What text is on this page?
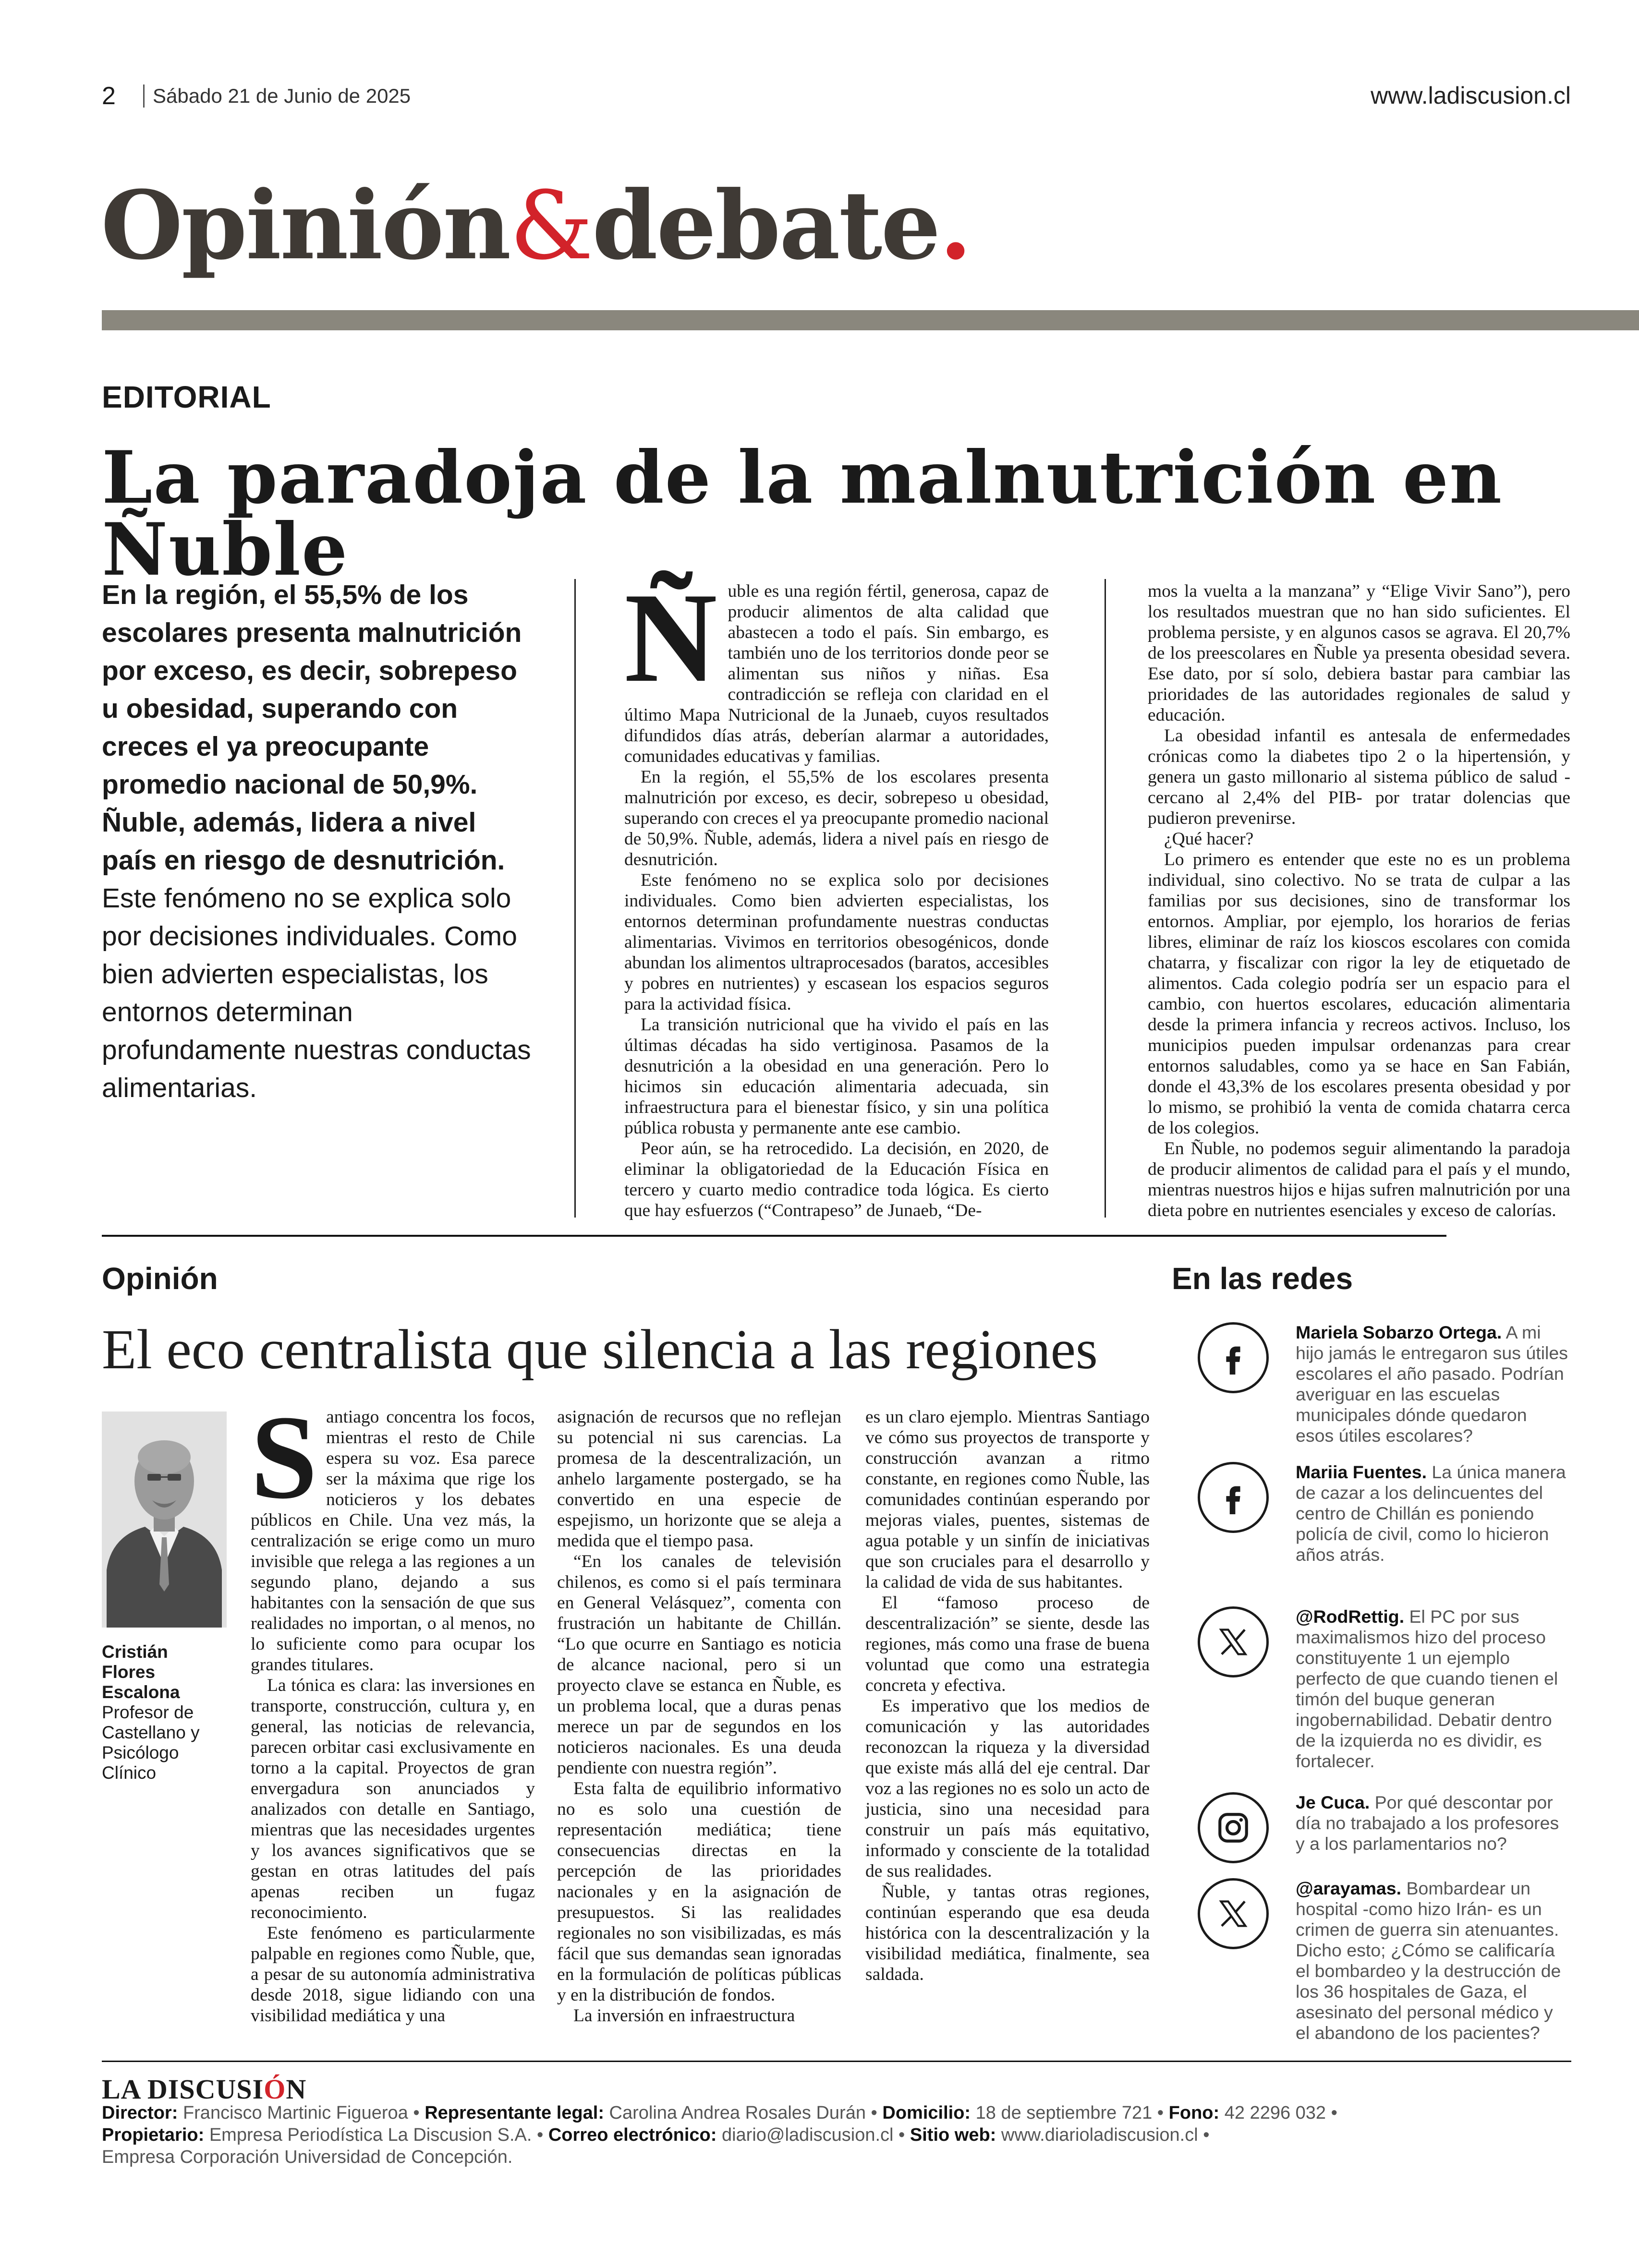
2 Sábado 21 de Junio de 2025	www.ladiscusion.cl
Opinión&debate.
EDITORIAL
La paradoja de la malnutrición en Ñuble
En la región, el 55,5% de los escolares presenta malnutrición por exceso, es decir, sobrepeso u obesidad, superando con creces el ya preocupante promedio nacional de 50,9%. Ñuble, además, lidera a nivel país en riesgo de desnutrición. Este fenómeno no se explica solo por decisiones individuales. Como bien advierten especialistas, los entornos determinan profundamente nuestras conductas alimentarias.

Ñuble es una región fértil, generosa, capaz de producir alimentos de alta calidad que abastecen a todo el país. Sin embargo, es también uno de los territorios donde peor se alimentan sus niños y niñas. Esa contradicción se refleja con claridad en el último Mapa Nutricional de la Junaeb, cuyos resultados difundidos días atrás, deberían alarmar a autoridades, comunidades educativas y familias.

En la región, el 55,5% de los escolares presenta malnutrición por exceso, es decir, sobrepeso u obesidad, superando con creces el ya preocupante promedio nacional de 50,9%. Ñuble, además, lidera a nivel país en riesgo de desnutrición.

Este fenómeno no se explica solo por decisiones individuales. Como bien advierten especialistas, los entornos determinan profundamente nuestras conductas alimentarias. Vivimos en territorios obesogénicos, donde abundan los alimentos ultraprocesados (baratos, accesibles y pobres en nutrientes) y escasean los espacios seguros para la actividad física.

La transición nutricional que ha vivido el país en las últimas décadas ha sido vertiginosa. Pasamos de la desnutrición a la obesidad en una generación. Pero lo hicimos sin educación alimentaria adecuada, sin infraestructura para el bienestar físico, y sin una política pública robusta y permanente ante ese cambio.

Peor aún, se ha retrocedido. La decisión, en 2020, de eliminar la obligatoriedad de la Educación Física en tercero y cuarto medio contradice toda lógica. Es cierto que hay esfuerzos (“Contrapeso” de Junaeb, “De-

mos la vuelta a la manzana” y “Elige Vivir Sano”), pero los resultados muestran que no han sido suficientes. El problema persiste, y en algunos casos se agrava. El 20,7% de los preescolares en Ñuble ya presenta obesidad severa. Ese dato, por sí solo, debiera bastar para cambiar las prioridades de las autoridades regionales de salud y educación.

La obesidad infantil es antesala de enfermedades crónicas como la diabetes tipo 2 o la hipertensión, y genera un gasto millonario al sistema público de salud -cercano al 2,4% del PIB- por tratar dolencias que pudieron prevenirse.

¿Qué hacer?

Lo primero es entender que este no es un problema individual, sino colectivo. No se trata de culpar a las familias por sus decisiones, sino de transformar los entornos. Ampliar, por ejemplo, los horarios de ferias libres, eliminar de raíz los kioscos escolares con comida chatarra, y fiscalizar con rigor la ley de etiquetado de alimentos. Cada colegio podría ser un espacio para el cambio, con huertos escolares, educación alimentaria desde la primera infancia y recreos activos. Incluso, los municipios pueden impulsar ordenanzas para crear entornos saludables, como ya se hace en San Fabián, donde el 43,3% de los escolares presenta obesidad y por lo mismo, se prohibió la venta de comida chatarra cerca de los colegios.

En Ñuble, no podemos seguir alimentando la paradoja de producir alimentos de calidad para el país y el mundo, mientras nuestros hijos e hijas sufren malnutrición por una dieta pobre en nutrientes esenciales y exceso de calorías.

Opinión
El eco centralista que silencia a las regiones
Cristián Flores Escalona
Profesor de Castellano y Psicólogo Clínico

Santiago concentra los focos, mientras el resto de Chile espera su voz. Esa parece ser la máxima que rige los noticieros y los debates públicos en Chile. Una vez más, la centralización se erige como un muro invisible que relega a las regiones a un segundo plano, dejando a sus habitantes con la sensación de que sus realidades no importan, o al menos, no lo suficiente como para ocupar los grandes titulares.

La tónica es clara: las inversiones en transporte, construcción, cultura y, en general, las noticias de relevancia, parecen orbitar casi exclusivamente en torno a la capital. Proyectos de gran envergadura son anunciados y analizados con detalle en Santiago, mientras que las necesidades urgentes y los avances significativos que se gestan en otras latitudes del país apenas reciben un fugaz reconocimiento.

Este fenómeno es particularmente palpable en regiones como Ñuble, que, a pesar de su autonomía administrativa desde 2018, sigue lidiando con una visibilidad mediática y una

asignación de recursos que no reflejan su potencial ni sus carencias. La promesa de la descentralización, un anhelo largamente postergado, se ha convertido en una especie de espejismo, un horizonte que se aleja a medida que el tiempo pasa.

“En los canales de televisión chilenos, es como si el país terminara en General Velásquez”, comenta con frustración un habitante de Chillán. “Lo que ocurre en Santiago es noticia de alcance nacional, pero si un proyecto clave se estanca en Ñuble, es un problema local, que a duras penas merece un par de segundos en los noticieros nacionales. Es una deuda pendiente con nuestra región”.

Esta falta de equilibrio informativo no es solo una cuestión de representación mediática; tiene consecuencias directas en la percepción de las prioridades nacionales y en la asignación de presupuestos. Si las realidades regionales no son visibilizadas, es más fácil que sus demandas sean ignoradas en la formulación de políticas públicas y en la distribución de fondos.

La inversión en infraestructura

es un claro ejemplo. Mientras Santiago ve cómo sus proyectos de transporte y construcción avanzan a ritmo constante, en regiones como Ñuble, las comunidades continúan esperando por mejoras viales, puentes, sistemas de agua potable y un sinfín de iniciativas que son cruciales para el desarrollo y la calidad de vida de sus habitantes.

El “famoso proceso de descentralización” se siente, desde las regiones, más como una frase de buena voluntad que como una estrategia concreta y efectiva.

Es imperativo que los medios de comunicación y las autoridades reconozcan la riqueza y la diversidad que existe más allá del eje central. Dar voz a las regiones no es solo un acto de justicia, sino una necesidad para construir un país más equitativo, informado y consciente de la totalidad de sus realidades.

Ñuble, y tantas otras regiones, continúan esperando que esa deuda histórica con la descentralización y la visibilidad mediática, finalmente, sea saldada.

En las redes
Mariela Sobarzo Ortega. A mi hijo jamás le entregaron sus útiles escolares el año pasado. Podrían averiguar en las escuelas municipales dónde quedaron esos útiles escolares?
Mariia Fuentes. La única manera de cazar a los delincuentes del centro de Chillán es poniendo policía de civil, como lo hicieron años atrás.
@RodRettig. El PC por sus maximalismos hizo del proceso constituyente 1 un ejemplo perfecto de que cuando tienen el timón del buque generan ingobernabilidad. Debatir dentro de la izquierda no es dividir, es fortalecer.
Je Cuca. Por qué descontar por día no trabajado a los profesores y a los parlamentarios no?
@arayamas. Bombardear un hospital -como hizo Irán- es un crimen de guerra sin atenuantes. Dicho esto; ¿Cómo se calificaría el bombardeo y la destrucción de los 36 hospitales de Gaza, el asesinato del personal médico y el abandono de los pacientes?
LA DISCUSIÓN
Director: Francisco Martinic Figueroa • Representante legal: Carolina Andrea Rosales Durán • Domicilio: 18 de septiembre 721 • Fono: 42 2296 032 •
Propietario: Empresa Periodística La Discusion S.A. • Correo electrónico: diario@ladiscusion.cl • Sitio web: www.diarioladiscusion.cl •
Empresa Corporación Universidad de Concepción.
